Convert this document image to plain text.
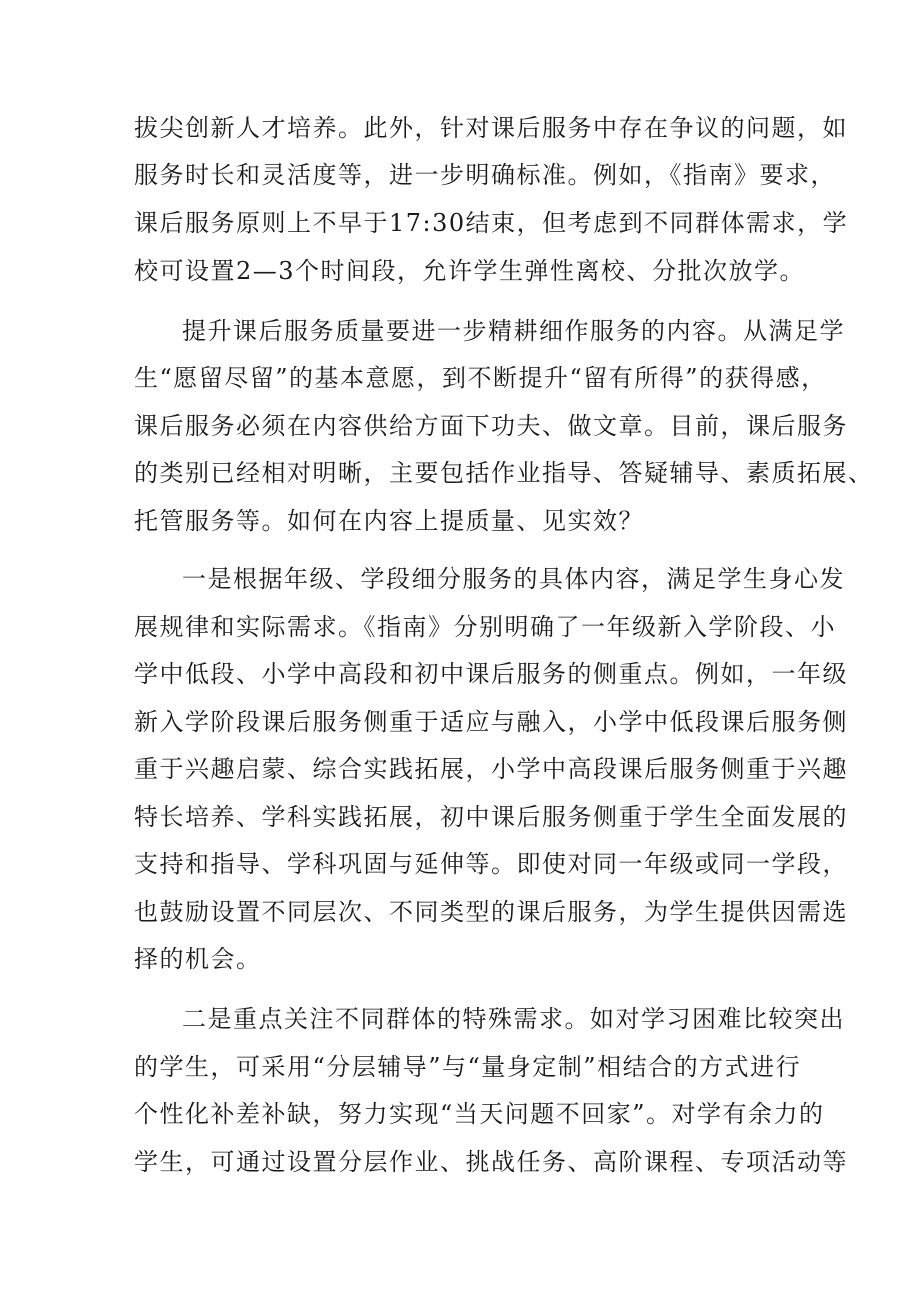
拔尖创新人才培养。此外，针对课后服务中存在争议的问题，如
服务时长和灵活度等，进一步明确标准。例如，《指南》要求，
课后服务原则上不早于17:30结束，但考虑到不同群体需求，学
校可设置2—3个时间段，允许学生弹性离校、分批次放学。
提升课后服务质量要进一步精耕细作服务的内容。从满足学
生“愿留尽留”的基本意愿，到不断提升“留有所得”的获得感，
课后服务必须在内容供给方面下功夫、做文章。目前，课后服务
的类别已经相对明晰，主要包括作业指导、答疑辅导、素质拓展、
托管服务等。如何在内容上提质量、见实效？
一是根据年级、学段细分服务的具体内容，满足学生身心发
展规律和实际需求。《指南》分别明确了一年级新入学阶段、小
学中低段、小学中高段和初中课后服务的侧重点。例如，一年级
新入学阶段课后服务侧重于适应与融入，小学中低段课后服务侧
重于兴趣启蒙、综合实践拓展，小学中高段课后服务侧重于兴趣
特长培养、学科实践拓展，初中课后服务侧重于学生全面发展的
支持和指导、学科巩固与延伸等。即使对同一年级或同一学段，
也鼓励设置不同层次、不同类型的课后服务，为学生提供因需选
择的机会。
二是重点关注不同群体的特殊需求。如对学习困难比较突出
的学生，可采用“分层辅导”与“量身定制”相结合的方式进行
个性化补差补缺，努力实现“当天问题不回家”。对学有余力的
学生，可通过设置分层作业、挑战任务、高阶课程、专项活动等
